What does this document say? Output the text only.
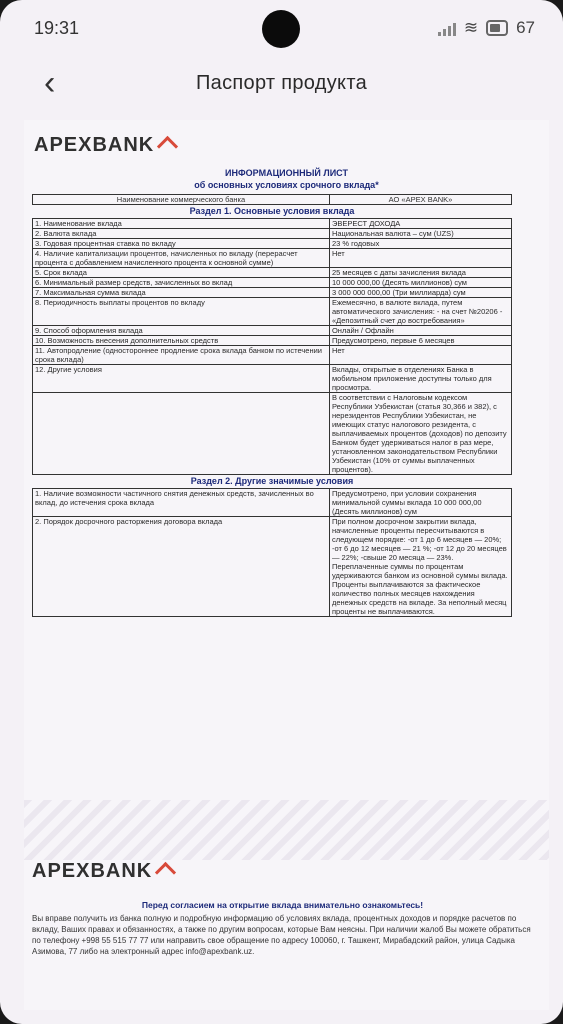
19:31	≋ 67
‹	Паспорт продукта
APEXBANK
ИНФОРМАЦИОННЫЙ ЛИСТ
об основных условиях срочного вклада*
Наименование коммерческого банка	АО «APEX BANK»
Раздел 1. Основные условия вклада	
1. Наименование вклада	ЭВЕРЕСТ ДОХОДА
2. Валюта вклада	Национальная валюта – сум (UZS)
3. Годовая процентная ставка по вкладу	23 % годовых
4. Наличие капитализации процентов, начисленных по вкладу (перерасчет процента с добавлением начисленного процента к основной сумме)	Нет
5. Срок вклада	25 месяцев с даты зачисления вклада
6. Минимальный размер средств, зачисленных во вклад	10 000 000,00 (Десять миллионов) сум
7. Максимальная сумма вклада	3 000 000 000,00 (Три миллиарда) сум
8. Периодичность выплаты процентов по вкладу	Ежемесячно, в валюте вклада, путем автоматического зачисления: - на счет №20206 - «Депозитный счет до востребования»
9. Способ оформления вклада	Онлайн / Офлайн
10. Возможность внесения дополнительных средств	Предусмотрено, первые 6 месяцев
11. Автопродление (одностороннее продление срока вклада банком по истечении срока вклада)	Нет
12. Другие условия	Вклады, открытые в отделениях Банка в мобильном приложение доступны только для просмотра.
	В соответствии с Налоговым кодексом Республики Узбекистан (статья 30,366 и 382), с нерезидентов Республики Узбекистан, не имеющих статус налогового резидента, с выплачиваемых процентов (доходов) по депозиту Банком будет удерживаться налог в раз мере, установленном законодательством Республики Узбекистан (10% от суммы выплаченных процентов).
Раздел 2. Другие значимые условия	
1. Наличие возможности частичного снятия денежных средств, зачисленных во вклад, до истечения срока вклада	Предусмотрено, при условии сохранения минимальной суммы вклада 10 000 000,00 (Десять миллионов) сум
2. Порядок досрочного расторжения договора вклада	При полном досрочном закрытии вклада, начисленные проценты пересчитываются в следующем порядке: -от 1 до 6 месяцев — 20%; -от 6 до 12 месяцев — 21 %; -от 12 до 20 месяцев — 22%; -свыше 20 месяца — 23%. Переплаченные суммы по процентам удерживаются банком из основной суммы вклада. Проценты выплачиваются за фактическое количество полных месяцев нахождения денежных средств на вкладе. За неполный месяц проценты не выплачиваются.
APEXBANK
Перед согласием на открытие вклада внимательно ознакомьтесь!
Вы вправе получить из банка полную и подробную информацию об условиях вклада, процентных доходов и порядке расчетов по вкладу, Ваших правах и обязанностях, а также по другим вопросам, которые Вам неясны. При наличии жалоб Вы можете обратиться по телефону +998 55 515 77 77 или направить свое обращение по адресу 100060, г. Ташкент, Мирабадский район, улица Садыка Азимова, 77 либо на электронный адрес info@apexbank.uz.
